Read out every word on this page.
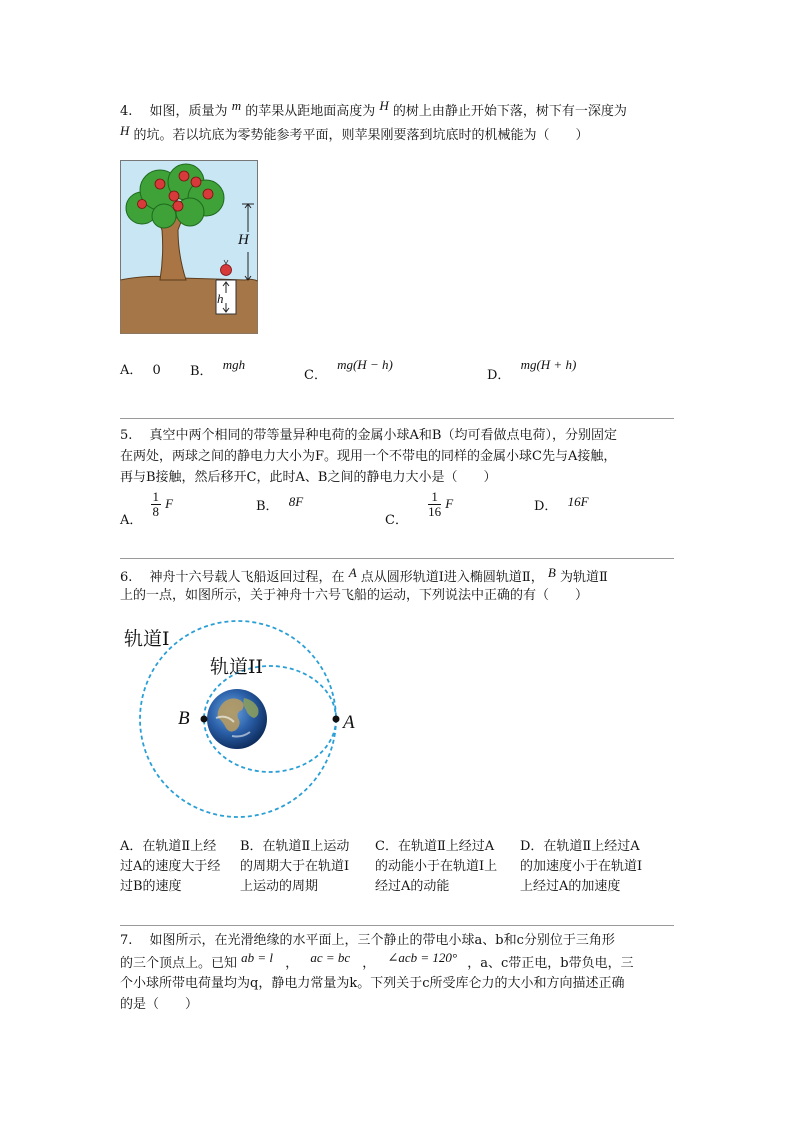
4.　 如图，质量为 m 的苹果从距地面高度为 H 的树上由静止开始下落，树下有一深度为
H 的坑。若以坑底为零势能参考平面，则苹果刚要落到坑底时的机械能为（　　）
H
h
A． 0 B． mgh
C． mg(H − h)
D． mg(H + h)
5.　 真空中两个相同的带等量异种电荷的金属小球A和B（均可看做点电荷），分别固定
在两处，两球之间的静电力大小为F。现用一个不带电的同样的金属小球C先与A接触，
再与B接触，然后移开C，此时A、B之间的静电力大小是（　　）
A．
$\frac{1}{8}$ F	B． 8F
C．
$\frac{1}{16}$ F	D． 16F
6.　 神舟十六号载人飞船返回过程，在 A 点从圆形轨道Ⅰ进入椭圆轨道Ⅱ， B 为轨道Ⅱ
上的一点，如图所示，关于神舟十六号飞船的运动，下列说法中正确的有（　　）
轨道I
轨道II
B	A
A．在轨道Ⅱ上经
过A的速度大于经
过B的速度
B．在轨道Ⅱ上运动
的周期大于在轨道Ⅰ
上运动的周期
C．在轨道Ⅱ上经过A
的动能小于在轨道Ⅰ上
经过A的动能
D．在轨道Ⅱ上经过A
的加速度小于在轨道Ⅰ
上经过A的加速度
7.　 如图所示，在光滑绝缘的水平面上，三个静止的带电小球a、b和c分别位于三角形
的三个顶点上。已知 ab = l ， ac = bc ， ∠acb = 120° ，a、c带正电，b带负电，三
个小球所带电荷量均为q，静电力常量为k。下列关于c所受库仑力的大小和方向描述正确
的是（　　）
